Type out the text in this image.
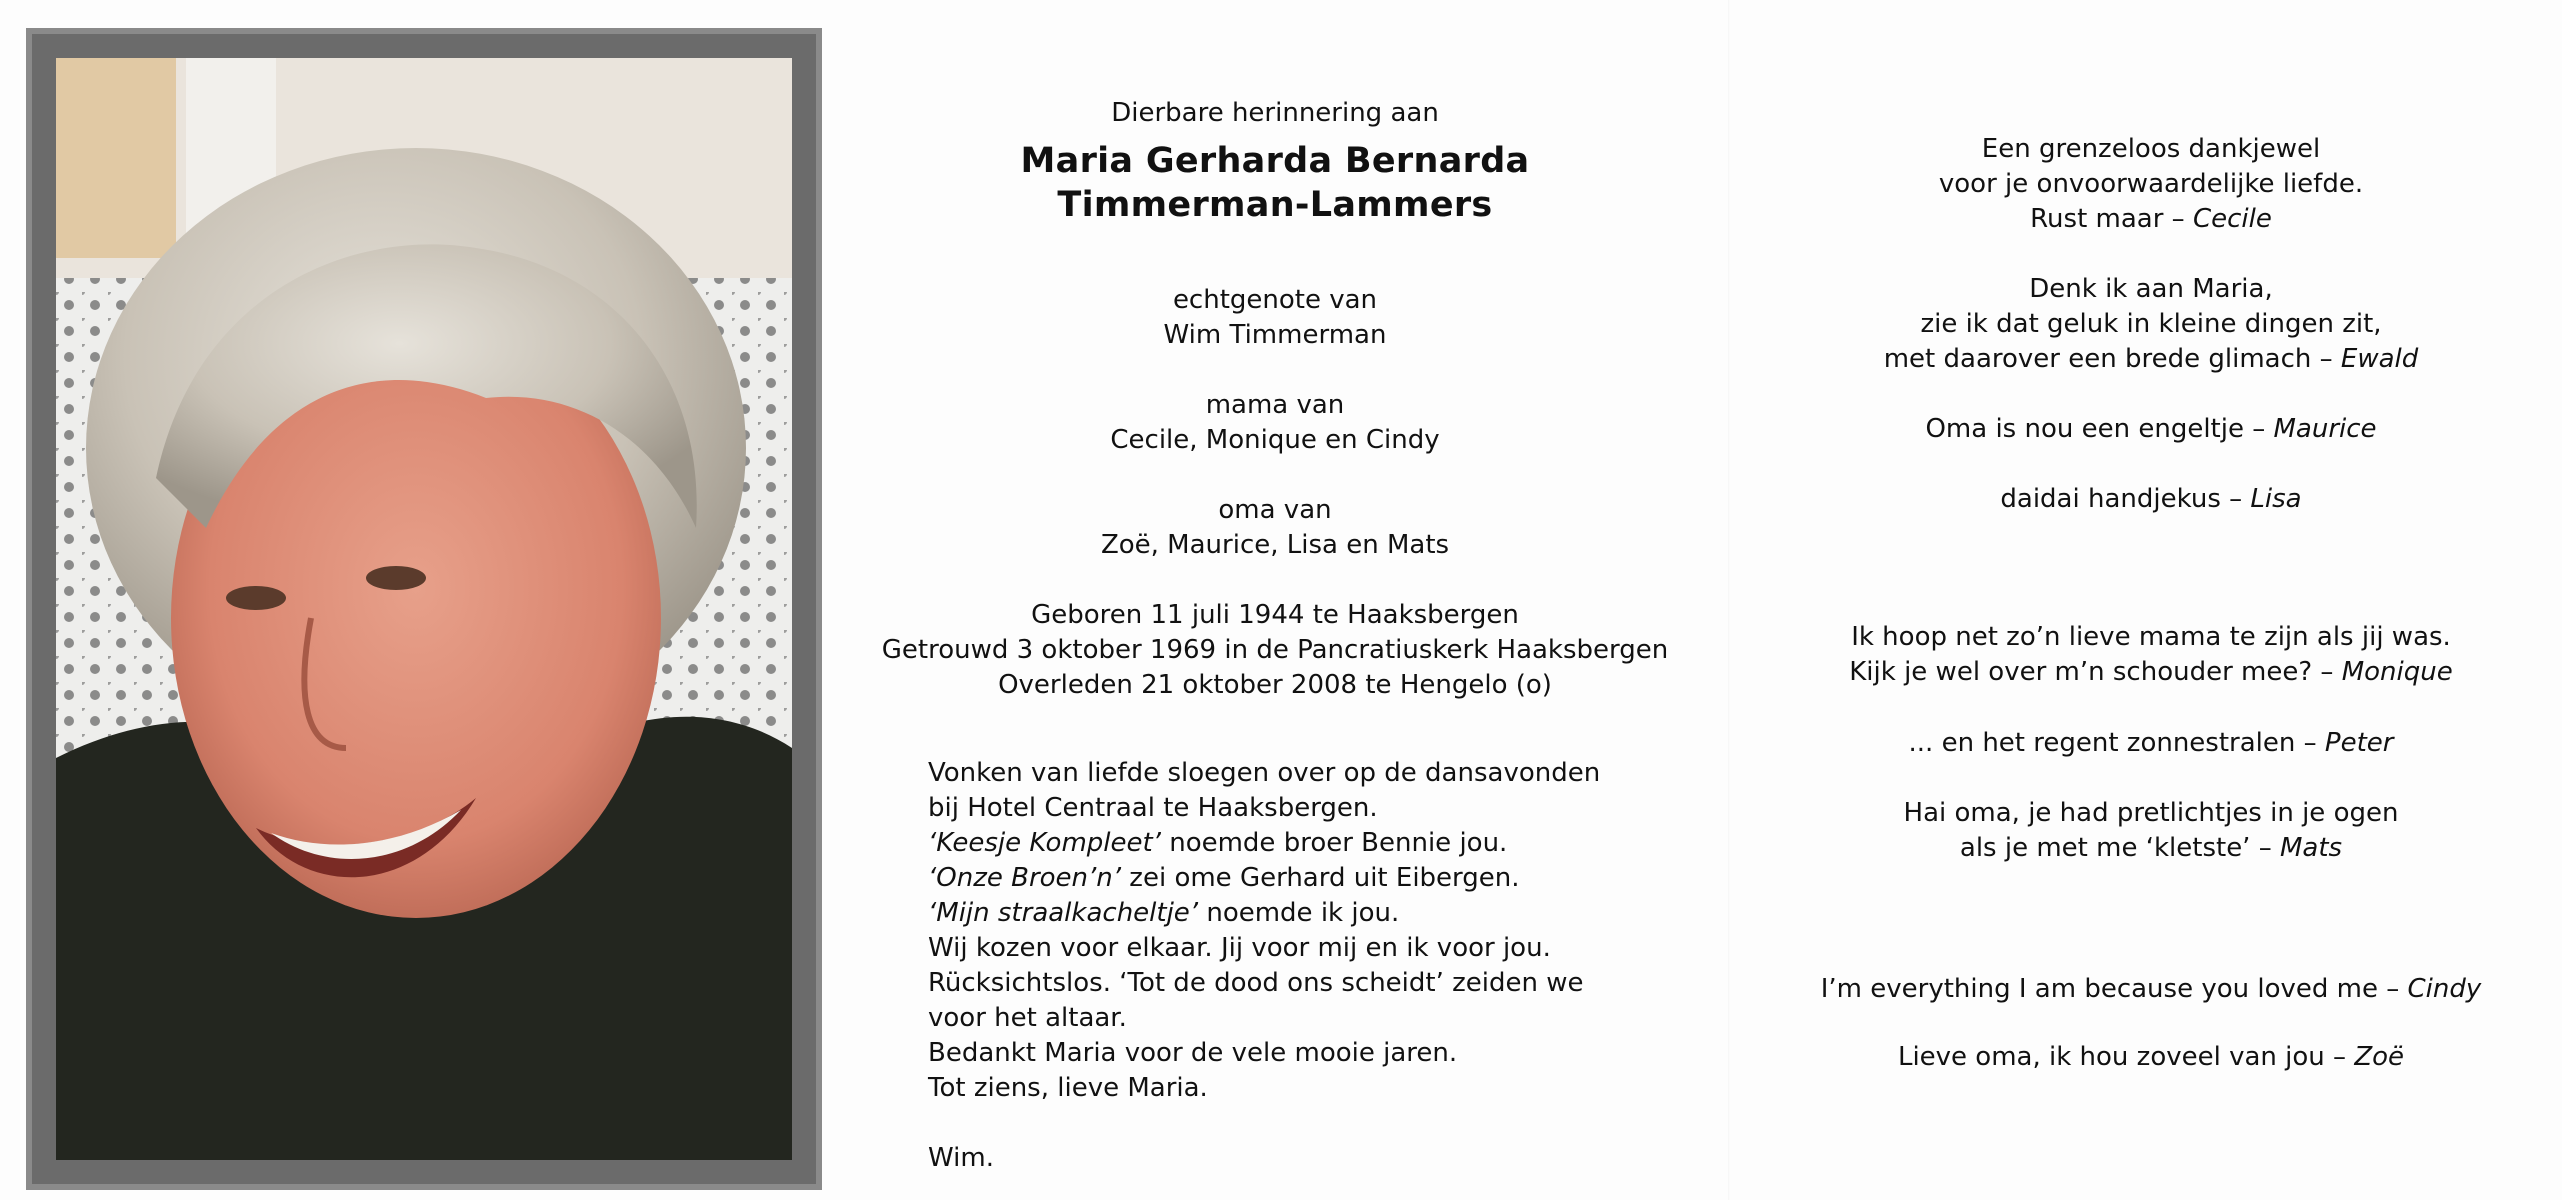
Dierbare herinnering aan
Maria Gerharda Bernarda
Timmerman-Lammers
echtgenote van
Wim Timmerman
mama van
Cecile, Monique en Cindy
oma van
Zoë, Maurice, Lisa en Mats
Geboren 11 juli 1944 te Haaksbergen
Getrouwd 3 oktober 1969 in de Pancratiuskerk Haaksbergen
Overleden 21 oktober 2008 te Hengelo (o)
Vonken van liefde sloegen over op de dansavonden
bij Hotel Centraal te Haaksbergen.
‘Keesje Kompleet’ noemde broer Bennie jou.
‘Onze Broen’n’ zei ome Gerhard uit Eibergen.
‘Mijn straalkacheltje’ noemde ik jou.
Wij kozen voor elkaar. Jij voor mij en ik voor jou.
Rücksichtslos. ‘Tot de dood ons scheidt’ zeiden we
voor het altaar.
Bedankt Maria voor de vele mooie jaren.
Tot ziens, lieve Maria.
Wim.
Een grenzeloos dankjewel
voor je onvoorwaardelijke liefde.
Rust maar – Cecile
Denk ik aan Maria,
zie ik dat geluk in kleine dingen zit,
met daarover een brede glimach – Ewald
Oma is nou een engeltje – Maurice
daidai handjekus – Lisa
Ik hoop net zo’n lieve mama te zijn als jij was.
Kijk je wel over m’n schouder mee? – Monique
... en het regent zonnestralen – Peter
Hai oma, je had pretlichtjes in je ogen
als je met me ‘kletste’ – Mats
I’m everything I am because you loved me – Cindy
Lieve oma, ik hou zoveel van jou – Zoë
